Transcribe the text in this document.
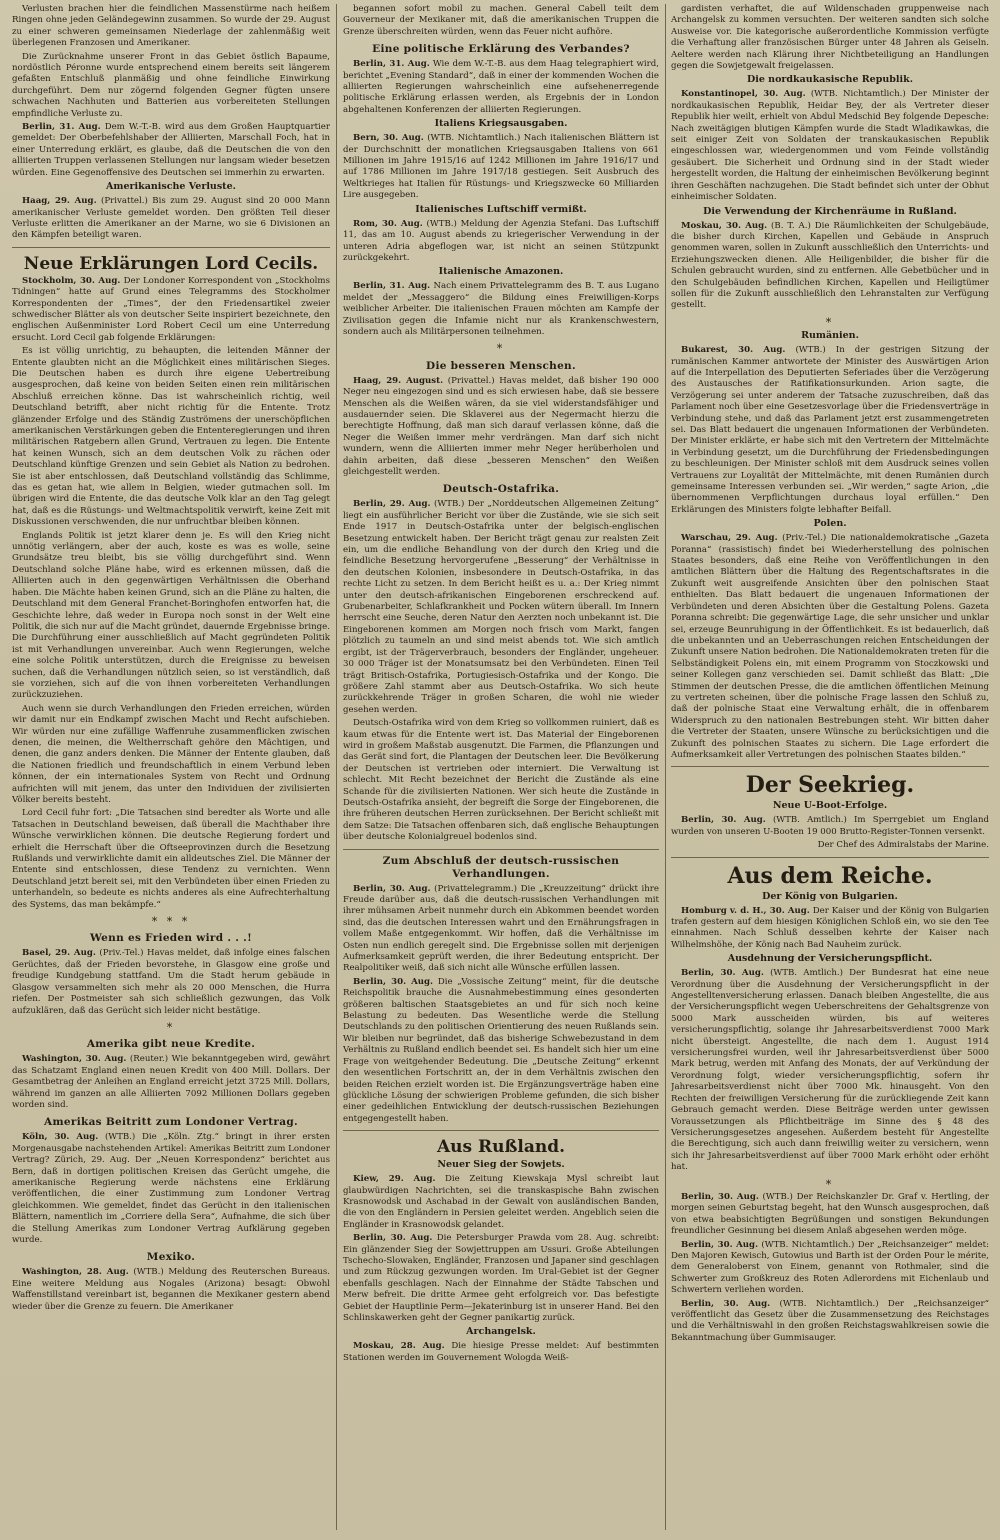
Verlusten brachen hier die feindlichen Massenstürme nach heißem Ringen ohne jeden Geländegewinn zusammen. So wurde der 29. August zu einer schweren gemeinsamen Niederlage der zahlenmäßig weit überlegenen Franzosen und Amerikaner.

Die Zurücknahme unserer Front in das Gebiet östlich Bapaume, nordöstlich Péronne wurde entsprechend einem bereits seit längerem gefaßten Entschluß planmäßig und ohne feindliche Einwirkung durchgeführt. Dem nur zögernd folgenden Gegner fügten unsere schwachen Nachhuten und Batterien aus vorbereiteten Stellungen empfindliche Verluste zu.

Berlin, 31. Aug. Dem W.-T.-B. wird aus dem Großen Hauptquartier gemeldet: Der Oberbefehlshaber der Alliierten, Marschall Foch, hat in einer Unterredung erklärt, es glaube, daß die Deutschen die von den alliierten Truppen verlassenen Stellungen nur langsam wieder besetzen würden. Eine Gegenoffensive des Deutschen sei immerhin zu erwarten.

Amerikanische Verluste.

Haag, 29. Aug. (Privattel.) Bis zum 29. August sind 20 000 Mann amerikanischer Verluste gemeldet worden. Den größten Teil dieser Verluste erlitten die Amerikaner an der Marne, wo sie 6 Divisionen an den Kämpfen beteiligt waren.

Neue Erklärungen Lord Cecils.

Stockholm, 30. Aug. Der Londoner Korrespondent von „Stockholms Tidningen“ hatte auf Grund eines Telegramms des Stockholmer Korrespondenten der „Times“, der den Friedensartikel zweier schwedischer Blätter als von deutscher Seite inspiriert bezeichnete, den englischen Außenminister Lord Robert Cecil um eine Unterredung ersucht. Lord Cecil gab folgende Erklärungen:

Es ist völlig unrichtig, zu behaupten, die leitenden Männer der Entente glaubten nicht an die Möglichkeit eines militärischen Sieges. Die Deutschen haben es durch ihre eigene Uebertreibung ausgesprochen, daß keine von beiden Seiten einen rein militärischen Abschluß erreichen könne. Das ist wahrscheinlich richtig, weil Deutschland betrifft, aber nicht richtig für die Entente. Trotz glänzender Erfolge und des Ständig Zuströmens der unerschöpflichen amerikanischen Verstärkungen geben die Ententeregierungen und ihren militärischen Ratgebern allen Grund, Vertrauen zu legen. Die Entente hat keinen Wunsch, sich an dem deutschen Volk zu rächen oder Deutschland künftige Grenzen und sein Gebiet als Nation zu bedrohen. Sie ist aber entschlossen, daß Deutschland vollständig das Schlimme, das es getan hat, wie allem in Belgien, wieder gutmachen soll. Im übrigen wird die Entente, die das deutsche Volk klar an den Tag gelegt hat, daß es die Rüstungs- und Weltmachtspolitik verwirft, keine Zeit mit Diskussionen verschwenden, die nur unfruchtbar bleiben können.

Englands Politik ist jetzt klarer denn je. Es will den Krieg nicht unnötig verlängern, aber der auch, koste es was es wolle, seine Grundsätze treu bleibt, bis sie völlig durchgeführt sind. Wenn Deutschland solche Pläne habe, wird es erkennen müssen, daß die Alliierten auch in den gegenwärtigen Verhältnissen die Oberhand haben. Die Mächte haben keinen Grund, sich an die Pläne zu halten, die Deutschland mit dem General Franchet-Boringhofen entworfen hat, die Geschichte lehre, daß weder in Europa noch sonst in der Welt eine Politik, die sich nur auf die Macht gründet, dauernde Ergebnisse bringe. Die Durchführung einer ausschließlich auf Macht gegründeten Politik ist mit Verhandlungen unvereinbar. Auch wenn Regierungen, welche eine solche Politik unterstützen, durch die Ereignisse zu beweisen suchen, daß die Verhandlungen nützlich seien, so ist verständlich, daß sie vorziehen, sich auf die von ihnen vorbereiteten Verhandlungen zurückzuziehen.

Auch wenn sie durch Verhandlungen den Frieden erreichen, würden wir damit nur ein Endkampf zwischen Macht und Recht aufschieben. Wir würden nur eine zufällige Waffenruhe zusammenflicken zwischen denen, die meinen, die Weltherrschaft gehöre den Mächtigen, und denen, die ganz anders denken. Die Männer der Entente glauben, daß die Nationen friedlich und freundschaftlich in einem Verbund leben können, der ein internationales System von Recht und Ordnung aufrichten will mit jenem, das unter den Individuen der zivilisierten Völker bereits besteht.

Lord Cecil fuhr fort: „Die Tatsachen sind beredter als Worte und alle Tatsachen in Deutschland beweisen, daß überall die Machthaber ihre Wünsche verwirklichen können. Die deutsche Regierung fordert und erhielt die Herrschaft über die Oftseeprovinzen durch die Besetzung Rußlands und verwirklichte damit ein alldeutsches Ziel. Die Männer der Entente sind entschlossen, diese Tendenz zu vernichten. Wenn Deutschland jetzt bereit sei, mit den Verbündeten über einen Frieden zu unterhandeln, so bedeute es nichts anderes als eine Aufrechterhaltung des Systems, das man bekämpfe.“

* * *
Wenn es Frieden wird . . .!

Basel, 29. Aug. (Priv.-Tel.) Havas meldet, daß infolge eines falschen Gerüchtes, daß der Frieden bevorstehe, in Glasgow eine große und freudige Kundgebung stattfand. Um die Stadt herum gebäude in Glasgow versammelten sich mehr als 20 000 Menschen, die Hurra riefen. Der Postmeister sah sich schließlich gezwungen, das Volk aufzuklären, daß das Gerücht sich leider nicht bestätige.

*
Amerika gibt neue Kredite.

Washington, 30. Aug. (Reuter.) Wie bekanntgegeben wird, gewährt das Schatzamt England einen neuen Kredit von 400 Mill. Dollars. Der Gesamtbetrag der Anleihen an England erreicht jetzt 3725 Mill. Dollars, während im ganzen an alle Alliierten 7092 Millionen Dollars gegeben worden sind.

Amerikas Beitritt zum Londoner Vertrag.

Köln, 30. Aug. (WTB.) Die „Köln. Ztg.“ bringt in ihrer ersten Morgenausgabe nachstehenden Artikel: Amerikas Beitritt zum Londoner Vertrag? Zürich, 29. Aug. Der „Neuen Korrespondenz“ berichtet aus Bern, daß in dortigen politischen Kreisen das Gerücht umgehe, die amerikanische Regierung werde nächstens eine Erklärung veröffentlichen, die einer Zustimmung zum Londoner Vertrag gleichkommen. Wie gemeldet, findet das Gerücht in den italienischen Blättern, namentlich im „Corriere della Sera“, Aufnahme, die sich über die Stellung Amerikas zum Londoner Vertrag Aufklärung gegeben wurde.

Mexiko.

Washington, 28. Aug. (WTB.) Meldung des Reuterschen Bureaus. Eine weitere Meldung aus Nogales (Arizona) besagt: Obwohl Waffenstillstand vereinbart ist, begannen die Mexikaner gestern abend wieder über die Grenze zu feuern. Die Amerikaner

begannen sofort mobil zu machen. General Cabell teilt dem Gouverneur der Mexikaner mit, daß die amerikanischen Truppen die Grenze überschreiten würden, wenn das Feuer nicht aufhöre.

Eine politische Erklärung des Verbandes?

Berlin, 31. Aug. Wie dem W.-T.-B. aus dem Haag telegraphiert wird, berichtet „Evening Standard“, daß in einer der kommenden Wochen die alliierten Regierungen wahrscheinlich eine aufsehenerregende politische Erklärung erlassen werden, als Ergebnis der in London abgehaltenen Konferenzen der alliierten Regierungen.

Italiens Kriegsausgaben.

Bern, 30. Aug. (WTB. Nichtamtlich.) Nach italienischen Blättern ist der Durchschnitt der monatlichen Kriegsausgaben Italiens von 661 Millionen im Jahre 1915/16 auf 1242 Millionen im Jahre 1916/17 und auf 1786 Millionen im Jahre 1917/18 gestiegen. Seit Ausbruch des Weltkrieges hat Italien für Rüstungs- und Kriegszwecke 60 Milliarden Lire ausgegeben.

Italienisches Luftschiff vermißt.

Rom, 30. Aug. (WTB.) Meldung der Agenzia Stefani. Das Luftschiff 11, das am 10. August abends zu kriegerischer Verwendung in der unteren Adria abgeflogen war, ist nicht an seinen Stützpunkt zurückgekehrt.

Italienische Amazonen.

Berlin, 31. Aug. Nach einem Privattelegramm des B. T. aus Lugano meldet der „Messaggero“ die Bildung eines Freiwilligen-Korps weiblicher Arbeiter. Die italienischen Frauen möchten am Kampfe der Zivilisation gegen die Infamie nicht nur als Krankenschwestern, sondern auch als Militärpersonen teilnehmen.

*
Die besseren Menschen.

Haag, 29. August. (Privattel.) Havas meldet, daß bisher 190 000 Neger neu eingezogen sind und es sich erwiesen habe, daß sie bessere Menschen als die Weißen wären, da sie viel widerstandsfähiger und ausdauernder seien. Die Sklaverei aus der Negermacht hierzu die berechtigte Hoffnung, daß man sich darauf verlassen könne, daß die Neger die Weißen immer mehr verdrängen. Man darf sich nicht wundern, wenn die Alliierten immer mehr Neger herüberholen und dahin arbeiten, daß diese „besseren Menschen“ den Weißen gleichgestellt werden.

Deutsch-Ostafrika.

Berlin, 29. Aug. (WTB.) Der „Norddeutschen Allgemeinen Zeitung“ liegt ein ausführlicher Bericht vor über die Zustände, wie sie sich seit Ende 1917 in Deutsch-Ostafrika unter der belgisch-englischen Besetzung entwickelt haben. Der Bericht trägt genau zur realsten Zeit ein, um die endliche Behandlung von der durch den Krieg und die feindliche Besetzung hervorgerufene „Besserung“ der Verhältnisse in den deutschen Kolonien, insbesondere in Deutsch-Ostafrika, in das rechte Licht zu setzen. In dem Bericht heißt es u. a.: Der Krieg nimmt unter den deutsch-afrikanischen Eingeborenen erschreckend auf. Grubenarbeiter, Schlafkrankheit und Pocken wütern überall. Im Innern herrscht eine Seuche, deren Natur den Aerzten noch unbekannt ist. Die Eingeborenen kommen am Morgen noch frisch vom Markt, fangen plötzlich zu taumeln an und sind meist abends tot. Wie sich amtlich ergibt, ist der Trägerverbrauch, besonders der Engländer, ungeheuer. 30 000 Träger ist der Monatsumsatz bei den Verbündeten. Einen Teil trägt Britisch-Ostafrika, Portugiesisch-Ostafrika und der Kongo. Die größere Zahl stammt aber aus Deutsch-Ostafrika. Wo sich heute zurückkehrende Träger in großen Scharen, die wohl nie wieder gesehen werden.

Deutsch-Ostafrika wird von dem Krieg so vollkommen ruiniert, daß es kaum etwas für die Entente wert ist. Das Material der Eingeborenen wird in großem Maßstab ausgenutzt. Die Farmen, die Pflanzungen und das Gerät sind fort, die Plantagen der Deutschen leer. Die Bevölkerung der Deutschen ist vertrieben oder interniert. Die Verwaltung ist schlecht. Mit Recht bezeichnet der Bericht die Zustände als eine Schande für die zivilisierten Nationen. Wer sich heute die Zustände in Deutsch-Ostafrika ansieht, der begreift die Sorge der Eingeborenen, die ihre früheren deutschen Herren zurücksehnen. Der Bericht schließt mit dem Satze: Die Tatsachen offenbaren sich, daß englische Behauptungen über deutsche Kolonialgreuel bodenlos sind.

Zum Abschluß der deutsch-russischen Verhandlungen.

Berlin, 30. Aug. (Privattelegramm.) Die „Kreuzzeitung“ drückt ihre Freude darüber aus, daß die deutsch-russischen Verhandlungen mit ihrer mühsamen Arbeit nunmehr durch ein Abkommen beendet worden sind, das die deutschen Interessen wahrt und den Ernährungsfragen in vollem Maße entgegenkommt. Wir hoffen, daß die Verhältnisse im Osten nun endlich geregelt sind. Die Ergebnisse sollen mit derjenigen Aufmerksamkeit geprüft werden, die ihrer Bedeutung entspricht. Der Realpolitiker weiß, daß sich nicht alle Wünsche erfüllen lassen.

Berlin, 30. Aug. Die „Vossische Zeitung“ meint, für die deutsche Reichspolitik brauche die Ausnahmebestimmung eines gesonderten größeren baltischen Staatsgebietes an und für sich noch keine Belastung zu bedeuten. Das Wesentliche werde die Stellung Deutschlands zu den politischen Orientierung des neuen Rußlands sein. Wir bleiben nur begründet, daß das bisherige Schwebezustand in dem Verhältnis zu Rußland endlich beendet sei. Es handelt sich hier um eine Frage von weitgehender Bedeutung. Die „Deutsche Zeitung“ erkennt den wesentlichen Fortschritt an, der in dem Verhältnis zwischen den beiden Reichen erzielt worden ist. Die Ergänzungsverträge haben eine glückliche Lösung der schwierigen Probleme gefunden, die sich bisher einer gedeihlichen Entwicklung der deutsch-russischen Beziehungen entgegengestellt haben.

Aus Rußland.
Neuer Sieg der Sowjets.

Kiew, 29. Aug. Die Zeitung Kiewskaja Mysl schreibt laut glaubwürdigen Nachrichten, sei die transkaspische Bahn zwischen Krasnowodsk und Aschabad in der Gewalt von ausländischen Banden, die von den Engländern in Persien geleitet werden. Angeblich seien die Engländer in Krasnowodsk gelandet.

Berlin, 30. Aug. Die Petersburger Prawda vom 28. Aug. schreibt: Ein glänzender Sieg der Sowjettruppen am Ussuri. Große Abteilungen Tschecho-Slowaken, Engländer, Franzosen und Japaner sind geschlagen und zum Rückzug gezwungen worden. Im Ural-Gebiet ist der Gegner ebenfalls geschlagen. Nach der Einnahme der Städte Tabschen und Merw befreit. Die dritte Armee geht erfolgreich vor. Das befestigte Gebiet der Hauptlinie Perm—Jekaterinburg ist in unserer Hand. Bei den Schlinskawerken geht der Gegner panikartig zurück.

Archangelsk.

Moskau, 28. Aug. Die hiesige Presse meldet: Auf bestimmten Stationen werden im Gouvernement Wologda Weiß-

gardisten verhaftet, die auf Wildenschaden gruppenweise nach Archangelsk zu kommen versuchten. Der weiteren sandten sich solche Ausweise vor. Die kategorische außerordentliche Kommission verfügte die Verhaftung aller französischen Bürger unter 48 Jahren als Geiseln. Aeltere werden nach Klärung ihrer Nichtbeteiligung an Handlungen gegen die Sowjetgewalt freigelassen.

Die nordkaukasische Republik.

Konstantinopel, 30. Aug. (WTB. Nichtamtlich.) Der Minister der nordkaukasischen Republik, Heidar Bey, der als Vertreter dieser Republik hier weilt, erhielt von Abdul Medschid Bey folgende Depesche: Nach zweitägigen blutigen Kämpfen wurde die Stadt Wladikawkas, die seit einiger Zeit von Soldaten der transkaukasischen Republik eingeschlossen war, wiedergenommen und vom Feinde vollständig gesäubert. Die Sicherheit und Ordnung sind in der Stadt wieder hergestellt worden, die Haltung der einheimischen Bevölkerung beginnt ihren Geschäften nachzugehen. Die Stadt befindet sich unter der Obhut einheimischer Soldaten.

Die Verwendung der Kirchenräume in Rußland.

Moskau, 30. Aug. (B. T. A.) Die Räumlichkeiten der Schulgebäude, die bisher durch Kirchen, Kapellen und Gebäude in Anspruch genommen waren, sollen in Zukunft ausschließlich den Unterrichts- und Erziehungszwecken dienen. Alle Heiligenbilder, die bisher für die Schulen gebraucht wurden, sind zu entfernen. Alle Gebetbücher und in den Schulgebäuden befindlichen Kirchen, Kapellen und Heiligtümer sollen für die Zukunft ausschließlich den Lehranstalten zur Verfügung gestellt.

*
Rumänien.

Bukarest, 30. Aug. (WTB.) In der gestrigen Sitzung der rumänischen Kammer antwortete der Minister des Auswärtigen Arion auf die Interpellation des Deputierten Seferiades über die Verzögerung des Austausches der Ratifikationsurkunden. Arion sagte, die Verzögerung sei unter anderem der Tatsache zuzuschreiben, daß das Parlament noch über eine Gesetzesvorlage über die Friedensverträge in Verbindung stehe, und daß das Parlament jetzt erst zusammengetreten sei. Das Blatt bedauert die ungenauen Informationen der Verbündeten. Der Minister erklärte, er habe sich mit den Vertretern der Mittelmächte in Verbindung gesetzt, um die Durchführung der Friedensbedingungen zu beschleunigen. Der Minister schloß mit dem Ausdruck seines vollen Vertrauens zur Loyalität der Mittelmächte, mit denen Rumänien durch gemeinsame Interessen verbunden sei. „Wir werden,“ sagte Arion, „die übernommenen Verpflichtungen durchaus loyal erfüllen.“ Den Erklärungen des Ministers folgte lebhafter Beifall.

Polen.

Warschau, 29. Aug. (Priv.-Tel.) Die nationaldemokratische „Gazeta Poranna“ (rassistisch) findet bei Wiederherstellung des polnischen Staates besonders, daß eine Reihe von Veröffentlichungen in den amtlichen Blättern über die Haltung des Regentschaftsrates in die Zukunft weit ausgreifende Ansichten über den polnischen Staat enthielten. Das Blatt bedauert die ungenauen Informationen der Verbündeten und deren Absichten über die Gestaltung Polens. Gazeta Poranna schreibt: Die gegenwärtige Lage, die sehr unsicher und unklar sei, erzeuge Beunruhigung in der Öffentlichkeit. Es ist bedauerlich, daß die unbekannten und an Ueberraschungen reichen Entscheidungen der Zukunft unsere Nation bedrohen. Die Nationaldemokraten treten für die Selbständigkeit Polens ein, mit einem Programm von Stoczkowski und seiner Kollegen ganz verschieden sei. Damit schließt das Blatt: „Die Stimmen der deutschen Presse, die die amtlichen öffentlichen Meinung zu vertreten scheinen, über die polnische Frage lassen den Schluß zu, daß der polnische Staat eine Verwaltung erhält, die in offenbarem Widerspruch zu den nationalen Bestrebungen steht. Wir bitten daher die Vertreter der Staaten, unsere Wünsche zu berücksichtigen und die Zukunft des polnischen Staates zu sichern. Die Lage erfordert die Aufmerksamkeit aller Vertretungen des polnischen Staates bilden.“

Der Seekrieg.
Neue U-Boot-Erfolge.

Berlin, 30. Aug. (WTB. Amtlich.) Im Sperrgebiet um England wurden von unseren U-Booten 19 000 Brutto-Register-Tonnen versenkt.

Der Chef des Admiralstabs der Marine.

Aus dem Reiche.
Der König von Bulgarien.

Homburg v. d. H., 30. Aug. Der Kaiser und der König von Bulgarien trafen gestern auf dem hiesigen Königlichen Schloß ein, wo sie den Tee einnahmen. Nach Schluß desselben kehrte der Kaiser nach Wilhelmshöhe, der König nach Bad Nauheim zurück.

Ausdehnung der Versicherungspflicht.

Berlin, 30. Aug. (WTB. Amtlich.) Der Bundesrat hat eine neue Verordnung über die Ausdehnung der Versicherungspflicht in der Angestelltenversicherung erlassen. Danach bleiben Angestellte, die aus der Versicherungspflicht wegen Ueberschreitens der Gehaltsgrenze von 5000 Mark ausscheiden würden, bis auf weiteres versicherungspflichtig, solange ihr Jahresarbeitsverdienst 7000 Mark nicht übersteigt. Angestellte, die nach dem 1. August 1914 versicherungsfrei wurden, weil ihr Jahresarbeitsverdienst über 5000 Mark betrug, werden mit Anfang des Monats, der auf Verkündung der Verordnung folgt, wieder versicherungspflichtig, sofern ihr Jahresarbeitsverdienst nicht über 7000 Mk. hinausgeht. Von den Rechten der freiwilligen Versicherung für die zurückliegende Zeit kann Gebrauch gemacht werden. Diese Beiträge werden unter gewissen Voraussetzungen als Pflichtbeiträge im Sinne des § 48 des Versicherungsgesetzes angesehen. Außerdem besteht für Angestellte die Berechtigung, sich auch dann freiwillig weiter zu versichern, wenn sich ihr Jahresarbeitsverdienst auf über 7000 Mark erhöht oder erhöht hat.

*

Berlin, 30. Aug. (WTB.) Der Reichskanzler Dr. Graf v. Hertling, der morgen seinen Geburtstag begeht, hat den Wunsch ausgesprochen, daß von etwa beabsichtigten Begrüßungen und sonstigen Bekundungen freundlicher Gesinnung bei diesem Anlaß abgesehen werden möge.

Berlin, 30. Aug. (WTB. Nichtamtlich.) Der „Reichsanzeiger“ meldet: Den Majoren Kewisch, Gutowius und Barth ist der Orden Pour le mérite, dem Generaloberst von Einem, genannt von Rothmaler, sind die Schwerter zum Großkreuz des Roten Adlerordens mit Eichenlaub und Schwertern verliehen worden.

Berlin, 30. Aug. (WTB. Nichtamtlich.) Der „Reichsanzeiger“ veröffentlicht das Gesetz über die Zusammensetzung des Reichstages und die Verhältniswahl in den großen Reichstagswahlkreisen sowie die Bekanntmachung über Gummisauger.
